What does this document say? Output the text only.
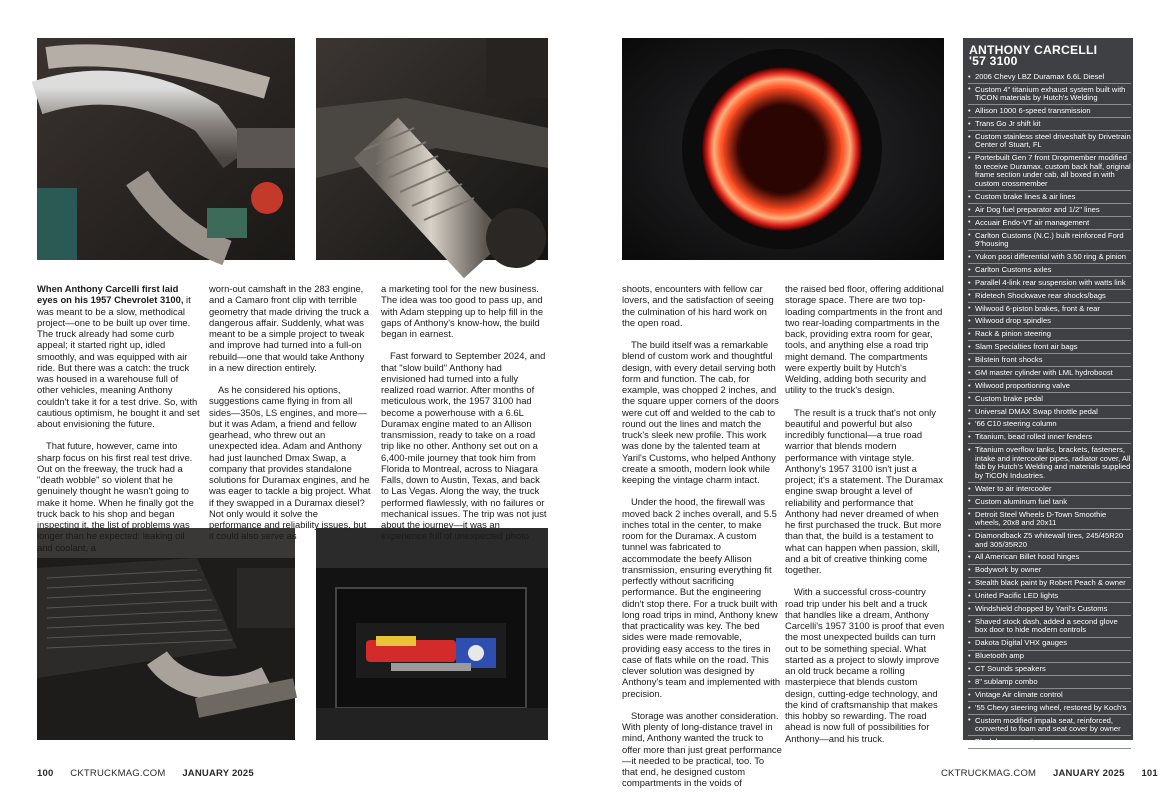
When Anthony Carcelli first laid eyes on his 1957 Chevrolet 3100, it was meant to be a slow, methodical project—one to be built up over time. The truck already had some curb appeal; it started right up, idled smoothly, and was equipped with air ride. But there was a catch: the truck was housed in a warehouse full of other vehicles, meaning Anthony couldn't take it for a test drive. So, with cautious optimism, he bought it and set about envisioning the future.

That future, however, came into sharp focus on his first real test drive. Out on the freeway, the truck had a "death wobble" so violent that he genuinely thought he wasn't going to make it home. When he finally got the truck back to his shop and began inspecting it, the list of problems was longer than he expected: leaking oil and coolant, a

worn-out camshaft in the 283 engine, and a Camaro front clip with terrible geometry that made driving the truck a dangerous affair. Suddenly, what was meant to be a simple project to tweak and improve had turned into a full-on rebuild—one that would take Anthony in a new direction entirely.

As he considered his options, suggestions came flying in from all sides—350s, LS engines, and more—but it was Adam, a friend and fellow gearhead, who threw out an unexpected idea. Adam and Anthony had just launched Dmax Swap, a company that provides standalone solutions for Duramax engines, and he was eager to tackle a big project. What if they swapped in a Duramax diesel? Not only would it solve the performance and reliability issues, but it could also serve as

a marketing tool for the new business. The idea was too good to pass up, and with Adam stepping up to help fill in the gaps of Anthony's know-how, the build began in earnest.

Fast forward to September 2024, and that "slow build" Anthony had envisioned had turned into a fully realized road warrior. After months of meticulous work, the 1957 3100 had become a powerhouse with a 6.6L Duramax engine mated to an Allison transmission, ready to take on a road trip like no other. Anthony set out on a 6,400-mile journey that took him from Florida to Montreal, across to Niagara Falls, down to Austin, Texas, and back to Las Vegas. Along the way, the truck performed flawlessly, with no failures or mechanical issues. The trip was not just about the journey—it was an experience full of unexpected photo

shoots, encounters with fellow car lovers, and the satisfaction of seeing the culmination of his hard work on the open road.

The build itself was a remarkable blend of custom work and thoughtful design, with every detail serving both form and function. The cab, for example, was chopped 2 inches, and the square upper corners of the doors were cut off and welded to the cab to round out the lines and match the truck's sleek new profile. This work was done by the talented team at Yaril's Customs, who helped Anthony create a smooth, modern look while keeping the vintage charm intact.

Under the hood, the firewall was moved back 2 inches overall, and 5.5 inches total in the center, to make room for the Duramax. A custom tunnel was fabricated to accommodate the beefy Allison transmission, ensuring everything fit perfectly without sacrificing performance. But the engineering didn't stop there. For a truck built with long road trips in mind, Anthony knew that practicality was key. The bed sides were made removable, providing easy access to the tires in case of flats while on the road. This clever solution was designed by Anthony's team and implemented with precision.

Storage was another consideration. With plenty of long-distance travel in mind, Anthony wanted the truck to offer more than just great performance—it needed to be practical, too. To that end, he designed custom compartments in the voids of

the raised bed floor, offering additional storage space. There are two top-loading compartments in the front and two rear-loading compartments in the back, providing extra room for gear, tools, and anything else a road trip might demand. The compartments were expertly built by Hutch's Welding, adding both security and utility to the truck's design.

The result is a truck that's not only beautiful and powerful but also incredibly functional—a true road warrior that blends modern performance with vintage style. Anthony's 1957 3100 isn't just a project; it's a statement. The Duramax engine swap brought a level of reliability and performance that Anthony had never dreamed of when he first purchased the truck. But more than that, the build is a testament to what can happen when passion, skill, and a bit of creative thinking come together.

With a successful cross-country road trip under his belt and a truck that handles like a dream, Anthony Carcelli's 1957 3100 is proof that even the most unexpected builds can turn out to be something special. What started as a project to slowly improve an old truck became a rolling masterpiece that blends custom design, cutting-edge technology, and the kind of craftsmanship that makes this hobby so rewarding. The road ahead is now full of possibilities for Anthony—and his truck.

ANTHONY CARCELLI
'57 3100
• 2006 Chevy LBZ Duramax 6.6L Diesel
• Custom 4" titanium exhaust system built with TiCON materials by Hutch's Welding
• Allison 1000 6-speed transmission
• Trans Go Jr shift kit
• Custom stainless steel driveshaft by Drivetrain Center of Stuart, FL
• Porterbuilt Gen 7 front Dropmember modified to receive Duramax, custom back half, original frame section under cab, all boxed in with custom crossmember
• Custom brake lines & air lines
• Air Dog fuel preparator and 1/2" lines
• Accuair Endo-VT air management
• Carlton Customs (N.C.) built reinforced Ford 9"housing
• Yukon posi differential with 3.50 ring & pinion
• Carlton Customs axles
• Parallel 4-link rear suspension with watts link
• Ridetech Shockwave rear shocks/bags
• Wilwood 6-piston brakes, front & rear
• Wilwood drop spindles
• Rack & pinion steering
• Slam Specialties front air bags
• Bilstein front shocks
• GM master cylinder with LML hydroboost
• Wilwood proportioning valve
• Custom brake pedal
• Universal DMAX Swap throttle pedal
• '66 C10 steering column
• Titanium, bead rolled inner fenders
• Titanium overflow tanks, brackets, fasteners, intake and intercooler pipes, radiator cover, All fab by Hutch's Welding and materials supplied by TiCON Industries.
• Water to air intercooler
• Custom aluminum fuel tank
• Detroit Steel Wheels D-Town Smoothie wheels, 20x8 and 20x11
• Diamondback Z5 whitewall tires, 245/45R20 and 305/35R20
• All American Billet hood hinges
• Bodywork by owner
• Stealth black paint by Robert Peach & owner
• United Pacific LED lights
• Windshield chopped by Yaril's Customs
• Shaved stock dash, added a second glove box door to hide modern controls
• Dakota Digital VHX gauges
• Bluetooth amp
• CT Sounds speakers
• 8" sublamp combo
• Vintage Air climate control
• '55 Chevy steering wheel, restored by Koch's
• Custom modified impala seat, reinforced, converted to foam and seat cover by owner
• Black loop carpet
100 CKTRUCKMAG.COM JANUARY 2025	CKTRUCKMAG.COM JANUARY 2025 101
